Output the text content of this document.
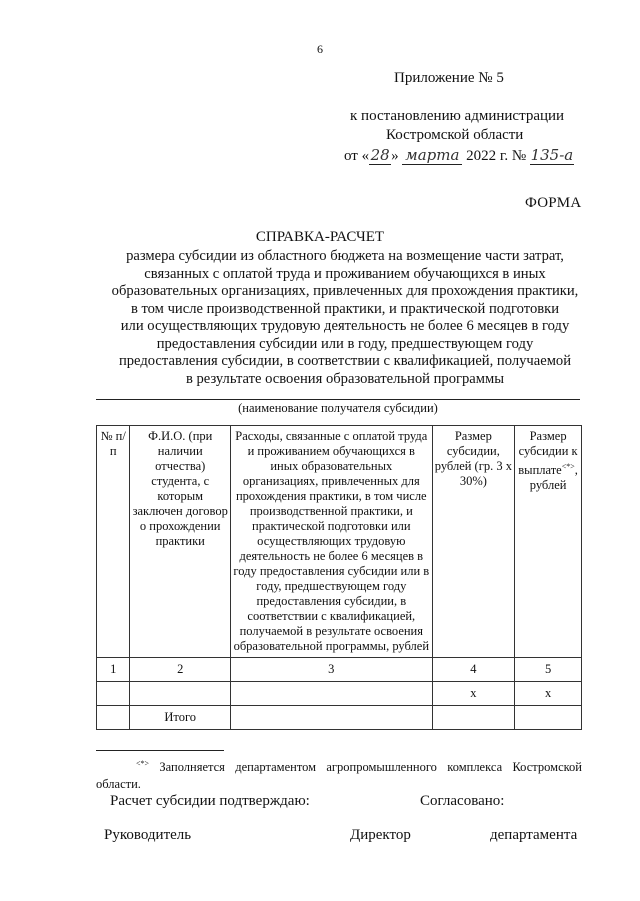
6
Приложение № 5
к постановлению администрации
Костромской области
от «28» марта 2022 г. № 135-а
ФОРМА
СПРАВКА-РАСЧЕТ
размера субсидии из областного бюджета на возмещение части затрат,
связанных с оплатой труда и проживанием обучающихся в иных
образовательных организациях, привлеченных для прохождения практики,
в том числе производственной практики, и практической подготовки
или осуществляющих трудовую деятельность не более 6 месяцев в году
предоставления субсидии или в году, предшествующем году
предоставления субсидии, в соответствии с квалификацией, получаемой
в результате освоения образовательной программы
(наименование получателя субсидии)
№ п/п	Ф.И.О. (при наличии отчества) студента, с которым заключен договор о прохождении практики	Расходы, связанные с оплатой труда и проживанием обучающихся в иных образовательных организациях, привлеченных для прохождения практики, в том числе производственной практики, и практической подготовки или осуществляющих трудовую деятельность не более 6 месяцев в году предоставления субсидии или в году, предшествующем году предоставления субсидии, в соответствии с квалификацией, получаемой в результате освоения образовательной программы, рублей	Размер субсидии, рублей (гр. 3 x 30%)	Размер субсидии к выплате<*>, рублей
1	2	3	4	5
			х	х
	Итого			
<*> Заполняется департаментом агропромышленного комплекса Костромской области.
Расчет субсидии подтверждаю:	Согласовано:
Руководитель	Директор	департамента
